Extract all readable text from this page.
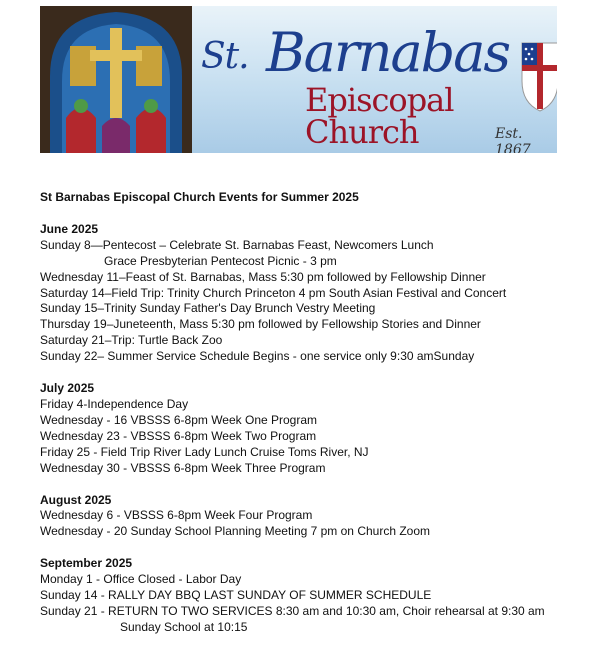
St. Barnabas
Episcopal Church	Est. 1867
St Barnabas Episcopal Church Events for Summer 2025
June 2025
Sunday 8—Pentecost – Celebrate St. Barnabas Feast, Newcomers Lunch
Grace Presbyterian Pentecost Picnic - 3 pm
Wednesday 11–Feast of St. Barnabas, Mass 5:30 pm followed by Fellowship Dinner
Saturday 14–Field Trip: Trinity Church Princeton 4 pm South Asian Festival and Concert
Sunday 15–Trinity Sunday Father's Day Brunch Vestry Meeting
Thursday 19–Juneteenth, Mass 5:30 pm followed by Fellowship Stories and Dinner
Saturday 21–Trip: Turtle Back Zoo
Sunday 22– Summer Service Schedule Begins - one service only 9:30 amSunday
July 2025
Friday 4-Independence Day
Wednesday - 16 VBSSS 6-8pm Week One Program
Wednesday 23 - VBSSS 6-8pm Week Two Program
Friday 25 - Field Trip River Lady Lunch Cruise Toms River, NJ
Wednesday 30 - VBSSS 6-8pm Week Three Program
August 2025
Wednesday 6 - VBSSS 6-8pm Week Four Program
Wednesday - 20 Sunday School Planning Meeting 7 pm on Church Zoom
September 2025
Monday 1 - Office Closed - Labor Day
Sunday 14 - RALLY DAY BBQ LAST SUNDAY OF SUMMER SCHEDULE
Sunday 21 - RETURN TO TWO SERVICES 8:30 am and 10:30 am, Choir rehearsal at 9:30 am
Sunday School at 10:15
